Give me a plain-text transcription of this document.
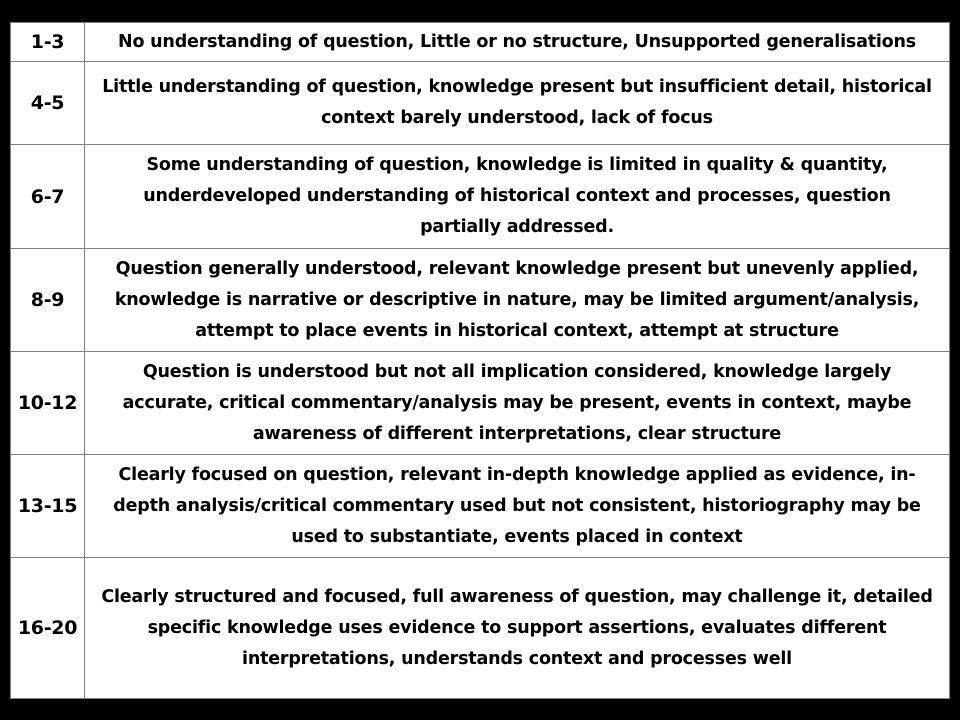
1-3	No understanding of question, Little or no structure, Unsupported generalisations

4-5	Little understanding of question, knowledge present but insufficient detail, historical
context barely understood, lack of focus

6-7	Some understanding of question, knowledge is limited in quality & quantity,
underdeveloped understanding of historical context and processes, question
partially addressed.

8-9	Question generally understood, relevant knowledge present but unevenly applied,
knowledge is narrative or descriptive in nature, may be limited argument/analysis,
attempt to place events in historical context, attempt at structure

10-12	Question is understood but not all implication considered, knowledge largely
accurate, critical commentary/analysis may be present, events in context, maybe
awareness of different interpretations, clear structure

13-15	Clearly focused on question, relevant in-depth knowledge applied as evidence, in-
depth analysis/critical commentary used but not consistent, historiography may be
used to substantiate, events placed in context

16-20	Clearly structured and focused, full awareness of question, may challenge it, detailed
specific knowledge uses evidence to support assertions, evaluates different
interpretations, understands context and processes well
